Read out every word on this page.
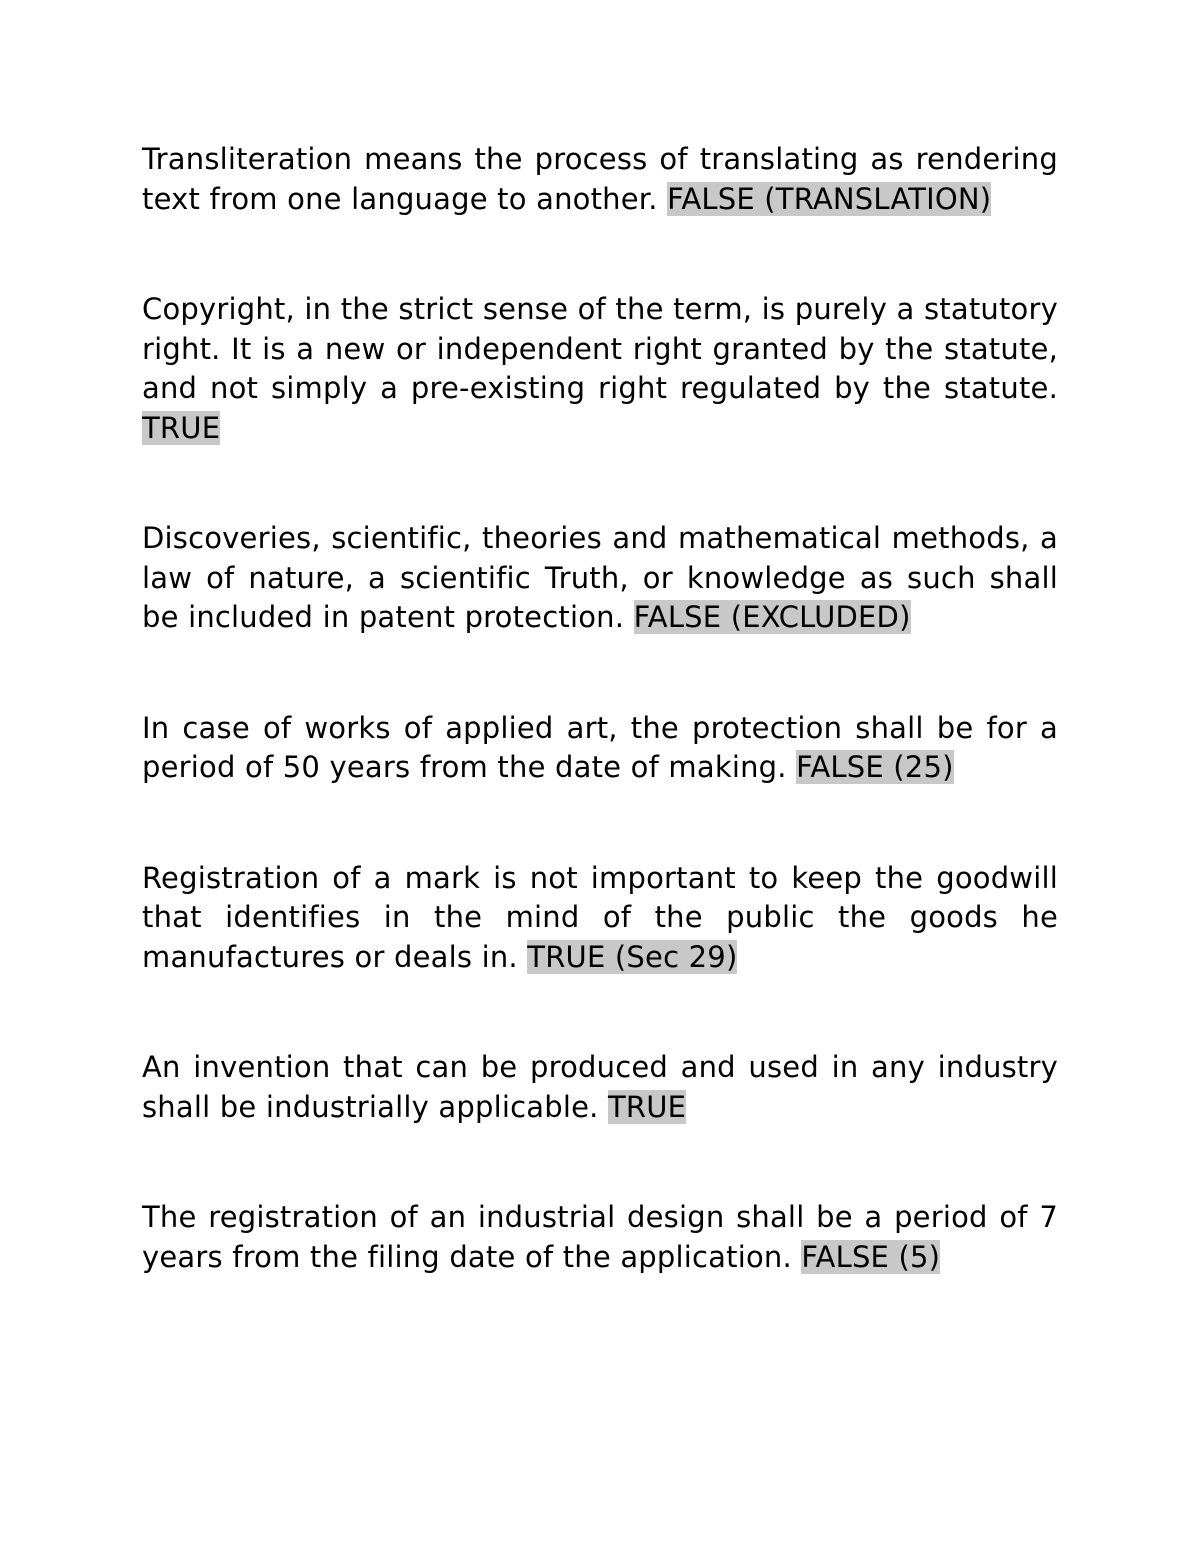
Transliteration means the process of translating as rendering text from one language to another. FALSE (TRANSLATION)

Copyright, in the strict sense of the term, is purely a statutory right. It is a new or independent right granted by the statute, and not simply a pre-existing right regulated by the statute. TRUE

Discoveries, scientific, theories and mathematical methods, a law of nature, a scientific Truth, or knowledge as such shall be included in patent protection. FALSE (EXCLUDED)

In case of works of applied art, the protection shall be for a period of 50 years from the date of making. FALSE (25)

Registration of a mark is not important to keep the goodwill that identifies in the mind of the public the goods he manufactures or deals in. TRUE (Sec 29)

An invention that can be produced and used in any industry shall be industrially applicable. TRUE

The registration of an industrial design shall be a period of 7 years from the filing date of the application. FALSE (5)
